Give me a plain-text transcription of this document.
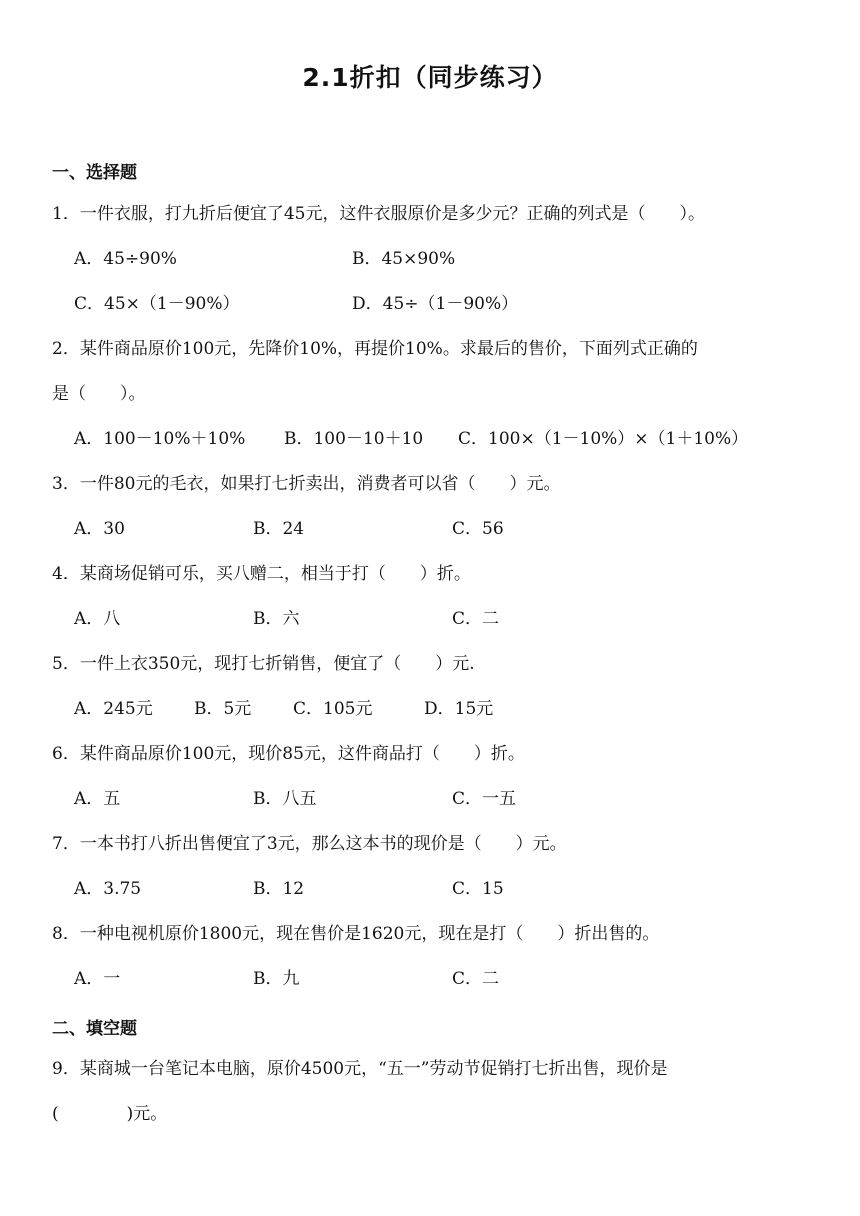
2.1折扣（同步练习）
一、选择题
1．一件衣服，打九折后便宜了45元，这件衣服原价是多少元？正确的列式是（　　）。
A．45÷90%	B．45×90%
C．45×（1－90%）	D．45÷（1－90%）
2．某件商品原价100元，先降价10%，再提价10%。求最后的售价，下面列式正确的
是（　　）。
A．100－10%＋10% B．100－10＋10 C．100×（1－10%）×（1＋10%）
3．一件80元的毛衣，如果打七折卖出，消费者可以省（　　）元。
A．30	B．24	C．56
4．某商场促销可乐，买八赠二，相当于打（　　）折。
A．八	B．六	C．二
5．一件上衣350元，现打七折销售，便宜了（　　）元.
A．245元 B．5元 C．105元	D．15元
6．某件商品原价100元，现价85元，这件商品打（　　）折。
A．五	B．八五	C．一五
7．一本书打八折出售便宜了3元，那么这本书的现价是（　　）元。
A．3.75	B．12	C．15
8．一种电视机原价1800元，现在售价是1620元，现在是打（　　）折出售的。
A．一	B．九	C．二
二、填空题
9．某商城一台笔记本电脑，原价4500元，“五一”劳动节促销打七折出售，现价是
(　　　　)元。
